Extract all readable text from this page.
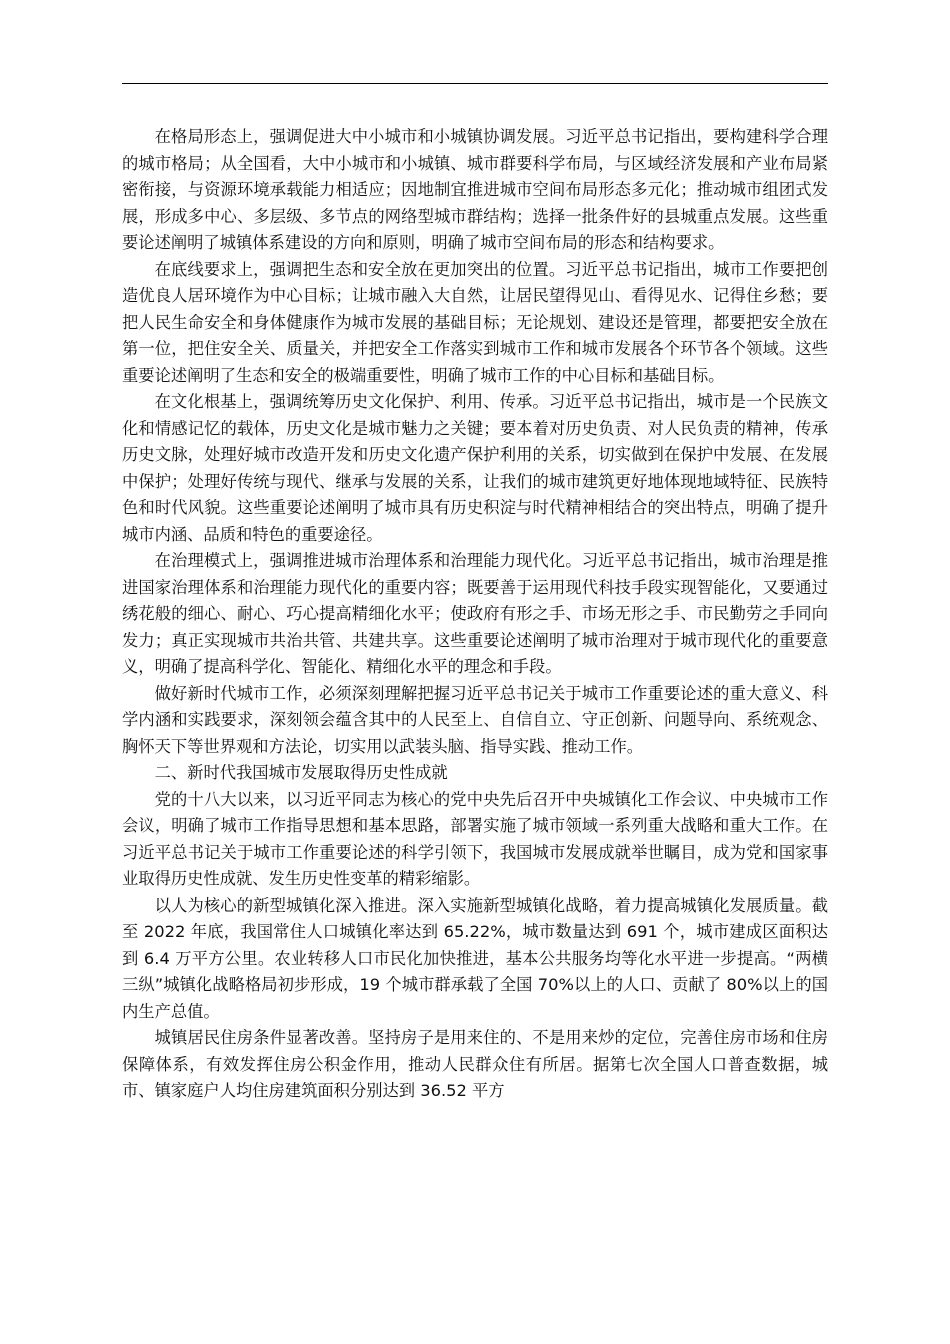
在格局形态上，强调促进大中小城市和小城镇协调发展。习近平总书记指出，要构建科学合理的城市格局；从全国看，大中小城市和小城镇、城市群要科学布局，与区域经济发展和产业布局紧密衔接，与资源环境承载能力相适应；因地制宜推进城市空间布局形态多元化；推动城市组团式发展，形成多中心、多层级、多节点的网络型城市群结构；选择一批条件好的县城重点发展。这些重要论述阐明了城镇体系建设的方向和原则，明确了城市空间布局的形态和结构要求。

在底线要求上，强调把生态和安全放在更加突出的位置。习近平总书记指出，城市工作要把创造优良人居环境作为中心目标；让城市融入大自然，让居民望得见山、看得见水、记得住乡愁；要把人民生命安全和身体健康作为城市发展的基础目标；无论规划、建设还是管理，都要把安全放在第一位，把住安全关、质量关，并把安全工作落实到城市工作和城市发展各个环节各个领域。这些重要论述阐明了生态和安全的极端重要性，明确了城市工作的中心目标和基础目标。

在文化根基上，强调统筹历史文化保护、利用、传承。习近平总书记指出，城市是一个民族文化和情感记忆的载体，历史文化是城市魅力之关键；要本着对历史负责、对人民负责的精神，传承历史文脉，处理好城市改造开发和历史文化遗产保护利用的关系，切实做到在保护中发展、在发展中保护；处理好传统与现代、继承与发展的关系，让我们的城市建筑更好地体现地域特征、民族特色和时代风貌。这些重要论述阐明了城市具有历史积淀与时代精神相结合的突出特点，明确了提升城市内涵、品质和特色的重要途径。

在治理模式上，强调推进城市治理体系和治理能力现代化。习近平总书记指出，城市治理是推进国家治理体系和治理能力现代化的重要内容；既要善于运用现代科技手段实现智能化，又要通过绣花般的细心、耐心、巧心提高精细化水平；使政府有形之手、市场无形之手、市民勤劳之手同向发力；真正实现城市共治共管、共建共享。这些重要论述阐明了城市治理对于城市现代化的重要意义，明确了提高科学化、智能化、精细化水平的理念和手段。

做好新时代城市工作，必须深刻理解把握习近平总书记关于城市工作重要论述的重大意义、科学内涵和实践要求，深刻领会蕴含其中的人民至上、自信自立、守正创新、问题导向、系统观念、胸怀天下等世界观和方法论，切实用以武装头脑、指导实践、推动工作。

二、新时代我国城市发展取得历史性成就

党的十八大以来，以习近平同志为核心的党中央先后召开中央城镇化工作会议、中央城市工作会议，明确了城市工作指导思想和基本思路，部署实施了城市领域一系列重大战略和重大工作。在习近平总书记关于城市工作重要论述的科学引领下，我国城市发展成就举世瞩目，成为党和国家事业取得历史性成就、发生历史性变革的精彩缩影。

以人为核心的新型城镇化深入推进。深入实施新型城镇化战略，着力提高城镇化发展质量。截至 2022 年底，我国常住人口城镇化率达到 65.22%，城市数量达到 691 个，城市建成区面积达到 6.4 万平方公里。农业转移人口市民化加快推进，基本公共服务均等化水平进一步提高。“两横三纵”城镇化战略格局初步形成，19 个城市群承载了全国 70%以上的人口、贡献了 80%以上的国内生产总值。

城镇居民住房条件显著改善。坚持房子是用来住的、不是用来炒的定位，完善住房市场和住房保障体系，有效发挥住房公积金作用，推动人民群众住有所居。据第七次全国人口普查数据，城市、镇家庭户人均住房建筑面积分别达到 36.52 平方
